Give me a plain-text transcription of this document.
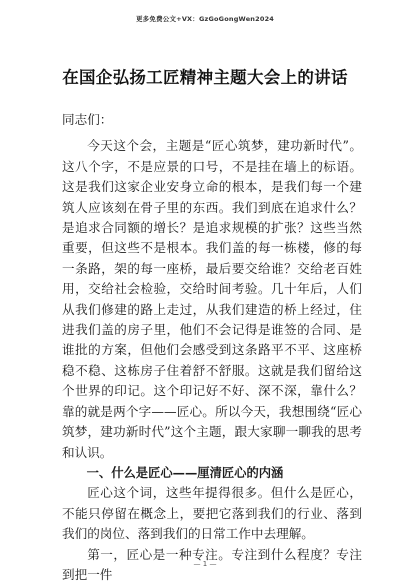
更多免费公文+VX：GzGoGongWen2024
在国企弘扬工匠精神主题大会上的讲话

同志们：

今天这个会，主题是“匠心筑梦，建功新时代”。这八个字，不是应景的口号，不是挂在墙上的标语。这是我们这家企业安身立命的根本，是我们每一个建筑人应该刻在骨子里的东西。我们到底在追求什么？是追求合同额的增长？是追求规模的扩张？这些当然重要，但这些不是根本。我们盖的每一栋楼，修的每一条路，架的每一座桥，最后要交给谁？交给老百姓用，交给社会检验，交给时间考验。几十年后，人们从我们修建的路上走过，从我们建造的桥上经过，住进我们盖的房子里，他们不会记得是谁签的合同、是谁批的方案，但他们会感受到这条路平不平、这座桥稳不稳、这栋房子住着舒不舒服。这就是我们留给这个世界的印记。这个印记好不好、深不深，靠什么？靠的就是两个字——匠心。所以今天，我想围绕“匠心筑梦，建功新时代”这个主题，跟大家聊一聊我的思考和认识。

一、什么是匠心——厘清匠心的内涵

匠心这个词，这些年提得很多。但什么是匠心，不能只停留在概念上，要把它落到我们的行业、落到我们的岗位、落到我们的日常工作中去理解。

第一，匠心是一种专注。专注到什么程度？专注到把一件

— 1 —
